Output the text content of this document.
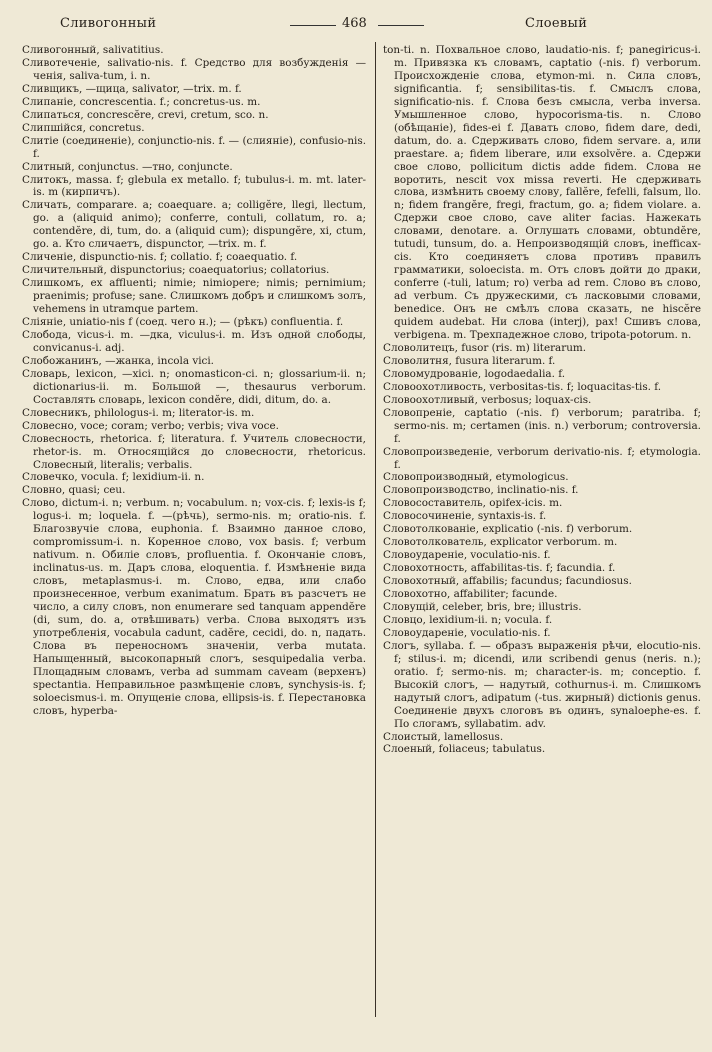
Сливогонный	468	Слоевый

Сливогонный, salivatitius.

Сливотеченiе, salivatio-nis. f. Средство для возбужденiя —ченiя, saliva-tum, i. n.

Сливщикъ, —щица, salivator, —trix. m. f.

Слипанiе, concrescentia. f.; concretus-us. m.

Слипаться, concrescĕre, crevi, cretum, sco. n.

Слипшiйся, concretus.

Слитiе (соединенiе), conjunctio-nis. f. — (слиянiе), confusio-nis. f.

Слитный, conjunctus. —тно, conjuncte.

Слитокъ, massa. f; glebula ex metallo. f; tubulus-i. m. mt. later-is. m (кирпичъ).

Сличать, comparare. a; coaequare. a; colligĕre, llegi, llectum, go. a (aliquid animo); conferre, contuli, collatum, ro. a; contendĕre, di, tum, do. a (aliquid cum); dispungĕre, xi, ctum, go. a. Кто сличаетъ, dispunctor, —trix. m. f.

Сличенiе, dispunctio-nis. f; collatio. f; coaequatio. f.

Сличительный, dispunctorius; coaequatorius; collatorius.

Слишкомъ, ex affluenti; nimie; nimiopere; nimis; pernimium; praenimis; profuse; sane. Слишкомъ добръ и слишкомъ золъ, vehemens in utramque partem.

Слiянiе, uniatio-nis f (соед. чего н.); — (рѣкъ) confluentia. f.

Слобода, vicus-i. m. —дка, viculus-i. m. Изъ одной слободы, convicanus-i. adj.

Слобожанинъ, —жанка, incola vici.

Словарь, lexicon, —xici. n; onomasticon-ci. n; glossarium-ii. n; dictionarius-ii. m. Большой —, thesaurus verborum. Составлять словарь, lexicon condĕre, didi, ditum, do. a.

Словесникъ, philologus-i. m; literator-is. m.

Словесно, voce; coram; verbo; verbis; viva voce.

Словесность, rhetorica. f; literatura. f. Учитель словесности, rhetor-is. m. Относящiйся до словесности, rhetoricus. Словесный, literalis; verbalis.

Словечко, vocula. f; lexidium-ii. n.

Словно, quasi; ceu.

Слово, dictum-i. n; verbum. n; vocabulum. n; vox-cis. f; lexis-is f; logus-i. m; loquela. f. —(рѣчь), sermo-nis. m; oratio-nis. f. Благозвучiе слова, euphonia. f. Взаимно данное слово, compromissum-i. n. Коренное слово, vox basis. f; verbum nativum. n. Обилiе словъ, profluentia. f. Окончанiе словъ, inclinatus-us. m. Даръ слова, eloquentia. f. Измѣненiе вида словъ, metaplasmus-i. m. Слово, едва, или слабо произнесенное, verbum exanimatum. Брать въ разсчетъ не число, а силу словъ, non enumerare sed tanquam appendĕre (di, sum, do. a, отвѣшивать) verba. Слова выходятъ изъ употребленiя, vocabula cadunt, cadĕre, cecidi, do. n, падать. Слова въ переносномъ значенiи, verba mutata. Напыщенный, высокопарный слогъ, sesquipedalia verba. Площадным словамъ, verba ad summam caveam (верхенъ) spectantia. Неправильное размѣщенiе словъ, synchysis-is. f; soloecismus-i. m. Опущенiе слова, ellipsis-is. f. Перестановка словъ, hyperba-

ton-ti. n. Похвальное слово, laudatio-nis. f; panegiricus-i. m. Привязка къ словамъ, captatio (-nis. f) verborum. Происхожденiе слова, etymon-mi. n. Сила словъ, significantia. f; sensibilitas-tis. f. Смыслъ слова, significatio-nis. f. Слова безъ смысла, verba inversa. Умышленное слово, hypocorisma-tis. n. Слово (обѣщанiе), fides-ei f. Давать слово, fidem dare, dedi, datum, do. a. Сдерживать слово, fidem servare. a, или praestare. a; fidem liberare, или exsolvĕre. a. Сдержи свое слово, pollicitum dictis adde fidem. Слова не воротить, nescit vox missa reverti. Не сдерживать слова, измѣнить своему слову, fallĕre, fefelli, falsum, llo. n; fidem frangĕre, fregi, fractum, go. a; fidem violare. a. Сдержи свое слово, cave aliter facias. Нажекать словами, denotare. a. Оглушать словами, obtundĕre, tutudi, tunsum, do. a. Непроизводящiй словъ, inefficax-cis. Кто соединяетъ слова противъ правилъ грамматики, soloecista. m. Отъ словъ дойти до драки, conferre (-tuli, latum; ro) verba ad rem. Слово въ слово, ad verbum. Съ дружескими, съ ласковыми словами, benedice. Онъ не смѣлъ слова сказать, ne hiscĕre quidem audebat. Ни слова (interj), pax! Сшивъ слова, verbigena. m. Трехпадежное слово, tripotа-potorum. n.

Словолитецъ, fusor (ris. m) literarum.

Словолитня, fusura literarum. f.

Словомудрованiе, logodaedalia. f.

Словоохотливость, verbositas-tis. f; loquacitas-tis. f.

Словоохотливый, verbosus; loquax-cis.

Словопренiе, captatio (-nis. f) verborum; paratriba. f; sermo-nis. m; certamen (inis. n.) verborum; controversia. f.

Словопроизведенiе, verborum derivatio-nis. f; etymologia. f.

Словопроизводный, etymologicus.

Словопроизводство, inclinatio-nis. f.

Словосоставитель, opifex-icis. m.

Словосочиненiе, syntaxis-is. f.

Словотолкованiе, explicatio (-nis. f) verborum.

Словотолкователь, explicator verborum. m.

Словоударенiе, voculatio-nis. f.

Словохотность, affabilitas-tis. f; facundia. f.

Словохотный, affabilis; facundus; facundiosus.

Словохотно, affabiliter; facunde.

Словущiй, celeber, bris, bre; illustris.

Словцо, lexidium-ii. n; vocula. f.

Словоударенiе, voculatio-nis. f.

Слогъ, syllaba. f. — образъ выраженiя рѣчи, elocutio-nis. f; stilus-i. m; dicendi, или scribendi genus (neris. n.); oratio. f; sermo-nis. m; character-is. m; conceptio. f. Высокiй слогъ, — надутый, cothurnus-i. m. Слишкомъ надутый слогъ, adipatum (-tus. жирный) dictionis genus. Соединенiе двухъ слоговъ въ одинъ, synaloephe-es. f. По слогамъ, syllabatim. adv.

Слоистый, lamellosus.

Слоеный, foliaceus; tabulatus.
